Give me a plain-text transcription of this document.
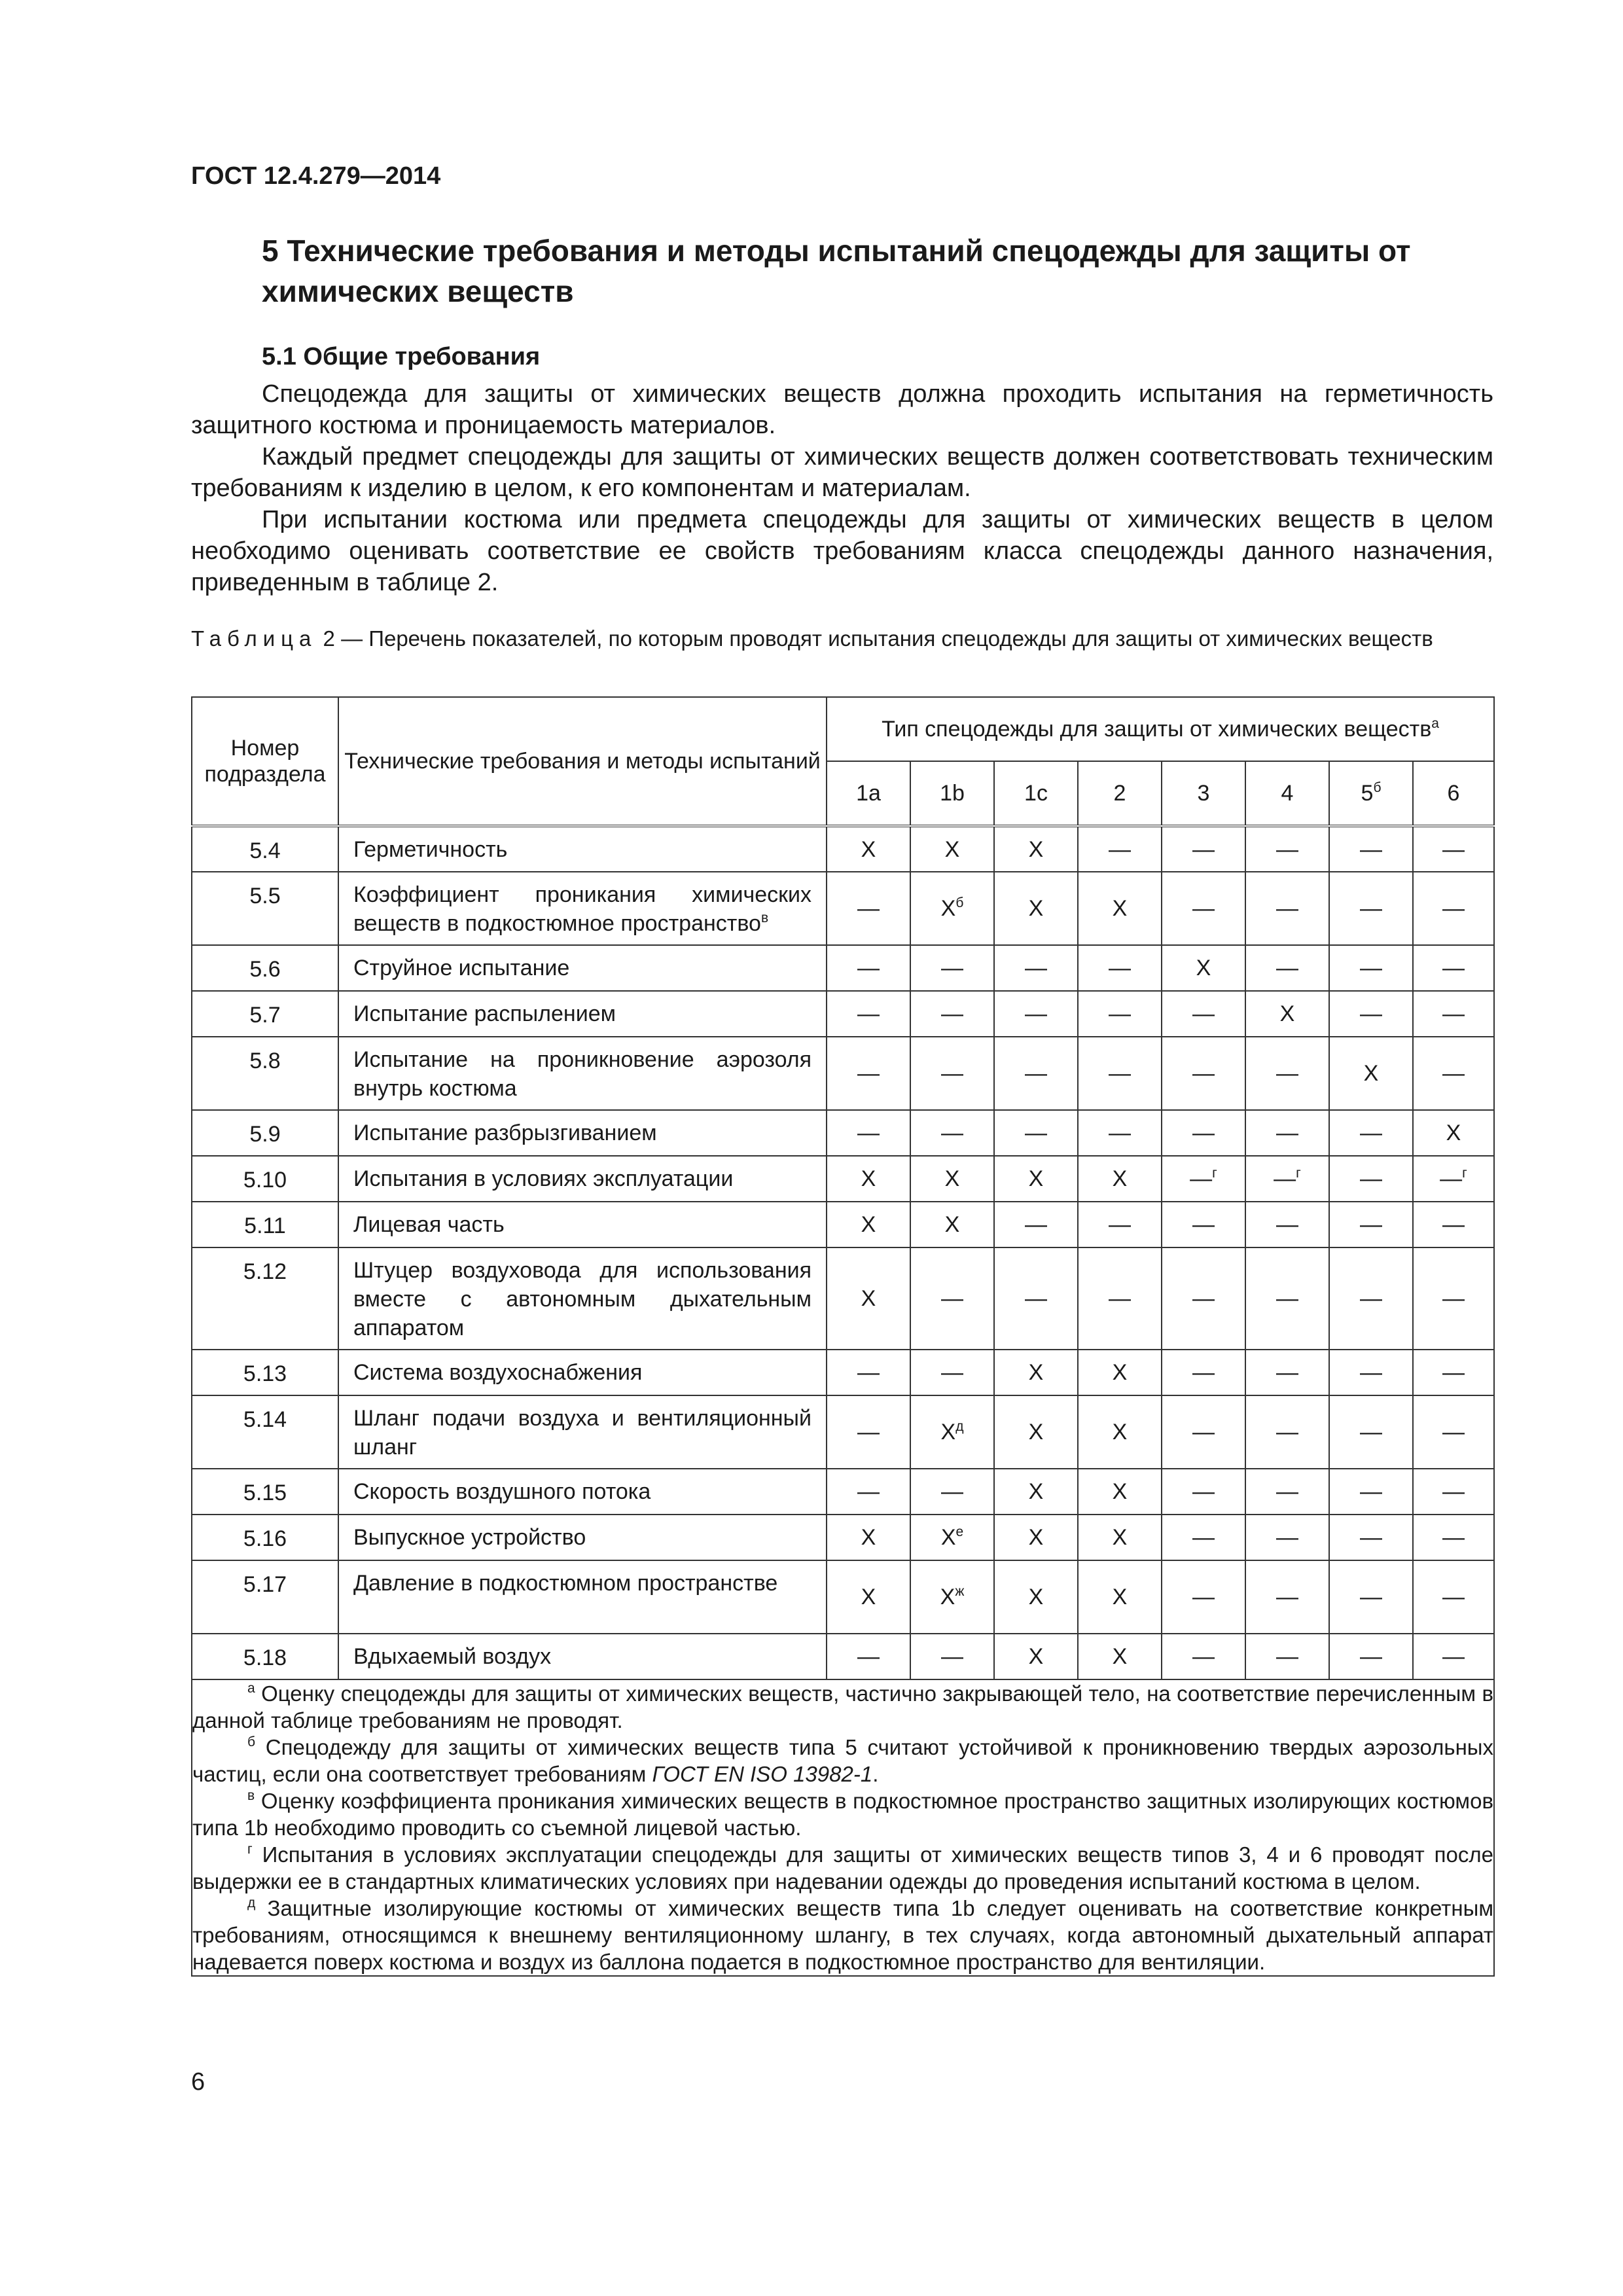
ГОСТ 12.4.279—2014
5 Технические требования и методы испытаний спецодежды для защиты от химических веществ
5.1 Общие требования

Спецодежда для защиты от химических веществ должна проходить испытания на герметичность защитного костюма и проницаемость материалов.

Каждый предмет спецодежды для защиты от химических веществ должен соответствовать техническим требованиям к изделию в целом, к его компонентам и материалам.

При испытании костюма или предмета спецодежды для защиты от химических веществ в целом необходимо оценивать соответствие ее свойств требованиям класса спецодежды данного назначения, приведенным в таблице 2.

Таблица 2 — Перечень показателей, по которым проводят испытания спецодежды для защиты от химических веществ
Номер подраздела	Технические требования и методы испытаний	Тип спецодежды для защиты от химических веществ$^а$
		1a	1b	1c	2	3	4	$5^б$	6
5.4	Герметичность	X	X	X	—	—	—	—	—
5.5	Коэффициент проникания химических веществ в подкостюмное пространство$^в$	—	$X^б$	X	X	—	—	—	—
5.6	Струйное испытание	—	—	—	—	X	—	—	—
5.7	Испытание распылением	—	—	—	—	—	X	—	—
5.8	Испытание на проникновение аэрозоля внутрь костюма	—	—	—	—	—	—	X	—
5.9	Испытание разбрызгиванием	—	—	—	—	—	—	—	X
5.10	Испытания в условиях эксплуатации	X	X	X	X	—$^г$	—$^г$	—	—$^г$
5.11	Лицевая часть	X	X	—	—	—	—	—	—
5.12	Штуцер воздуховода для использования вместе с автономным дыхательным аппаратом	X	—	—	—	—	—	—	—
5.13	Система воздухоснабжения	—	—	X	X	—	—	—	—
5.14	Шланг подачи воздуха и вентиляционный шланг	—	$X^д$	X	X	—	—	—	—
5.15	Скорость воздушного потока	—	—	X	X	—	—	—	—
5.16	Выпускное устройство	X	$X^е$	X	X	—	—	—	—
5.17	Давление в подкостюмном пространстве	X	$X^ж$	X	X	—	—	—	—
5.18	Вдыхаемый воздух	—	—	X	X	—	—	—	—

$^а$ Оценку спецодежды для защиты от химических веществ, частично закрывающей тело, на соответствие перечисленным в данной таблице требованиям не проводят.

$^б$ Спецодежду для защиты от химических веществ типа 5 считают устойчивой к проникновению твердых аэрозольных частиц, если она соответствует требованиям ГОСТ EN ISO 13982-1.

$^в$ Оценку коэффициента проникания химических веществ в подкостюмное пространство защитных изолирующих костюмов типа 1b необходимо проводить со съемной лицевой частью.

$^г$ Испытания в условиях эксплуатации спецодежды для защиты от химических веществ типов 3, 4 и 6 проводят после выдержки ее в стандартных климатических условиях при надевании одежды до проведения испытаний костюма в целом.

$^д$ Защитные изолирующие костюмы от химических веществ типа 1b следует оценивать на соответствие конкретным требованиям, относящимся к внешнему вентиляционному шлангу, в тех случаях, когда автономный дыхательный аппарат надевается поверх костюма и воздух из баллона подается в подкостюмное пространство для вентиляции.									

6
